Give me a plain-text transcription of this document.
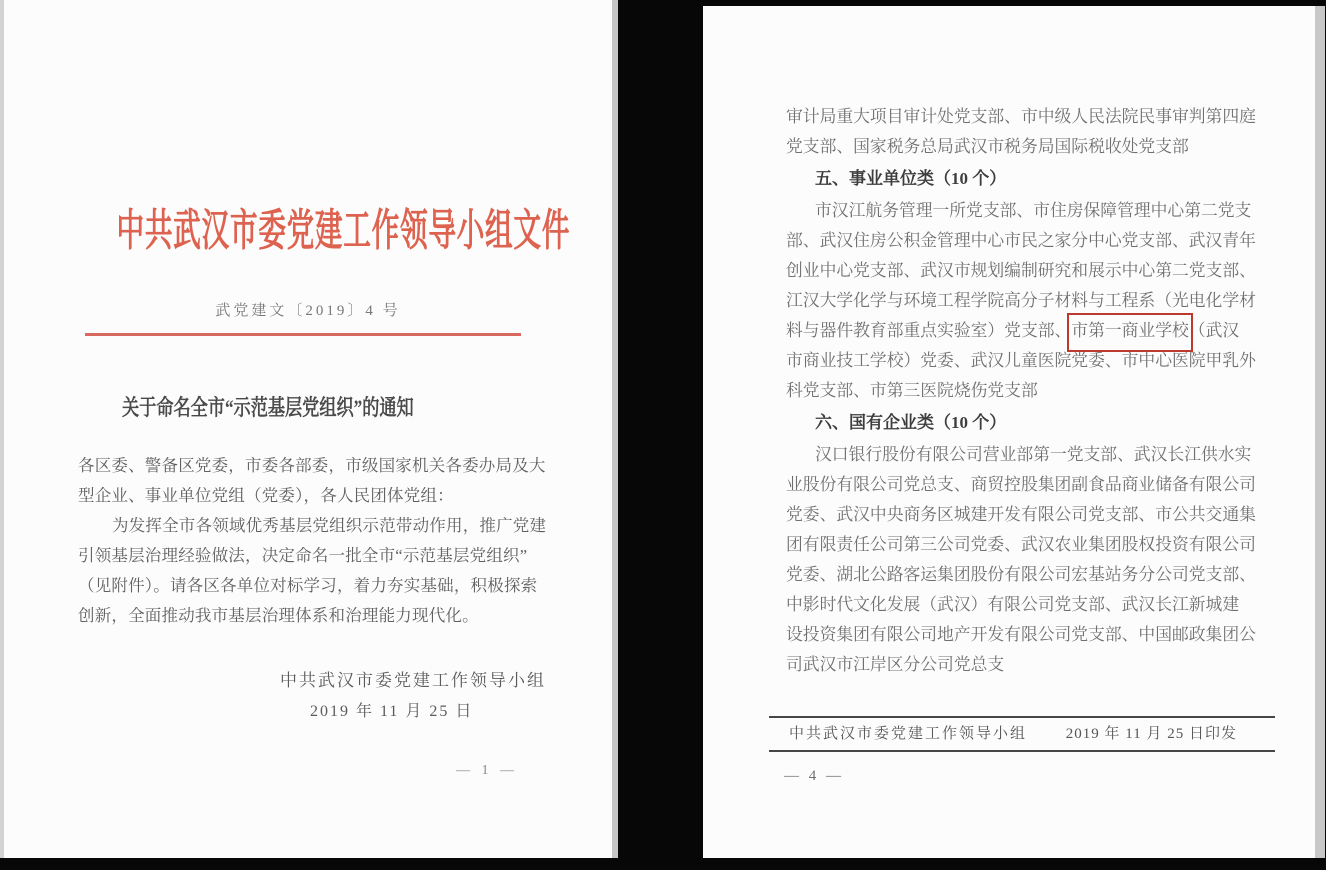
中共武汉市委党建工作领导小组文件
武党建文〔2019〕4 号
关于命名全市“示范基层党组织”的通知
各区委、警备区党委，市委各部委，市级国家机关各委办局及大
型企业、事业单位党组（党委），各人民团体党组：
为发挥全市各领域优秀基层党组织示范带动作用，推广党建
引领基层治理经验做法，决定命名一批全市“示范基层党组织”
（见附件）。请各区各单位对标学习，着力夯实基础，积极探索
创新，全面推动我市基层治理体系和治理能力现代化。
中共武汉市委党建工作领导小组
2019 年 11 月 25 日
— 1 —
审计局重大项目审计处党支部、市中级人民法院民事审判第四庭
党支部、国家税务总局武汉市税务局国际税收处党支部
五、事业单位类（10 个）
市汉江航务管理一所党支部、市住房保障管理中心第二党支
部、武汉住房公积金管理中心市民之家分中心党支部、武汉青年
创业中心党支部、武汉市规划编制研究和展示中心第二党支部、
江汉大学化学与环境工程学院高分子材料与工程系（光电化学材
料与器件教育部重点实验室）党支部、市第一商业学校（武汉
市商业技工学校）党委、武汉儿童医院党委、市中心医院甲乳外
科党支部、市第三医院烧伤党支部
六、国有企业类（10 个）
汉口银行股份有限公司营业部第一党支部、武汉长江供水实
业股份有限公司党总支、商贸控股集团副食品商业储备有限公司
党委、武汉中央商务区城建开发有限公司党支部、市公共交通集
团有限责任公司第三公司党委、武汉农业集团股权投资有限公司
党委、湖北公路客运集团股份有限公司宏基站务分公司党支部、
中影时代文化发展（武汉）有限公司党支部、武汉长江新城建
设投资集团有限公司地产开发有限公司党支部、中国邮政集团公
司武汉市江岸区分公司党总支
中共武汉市委党建工作领导小组	2019 年 11 月 25 日印发
— 4 —
